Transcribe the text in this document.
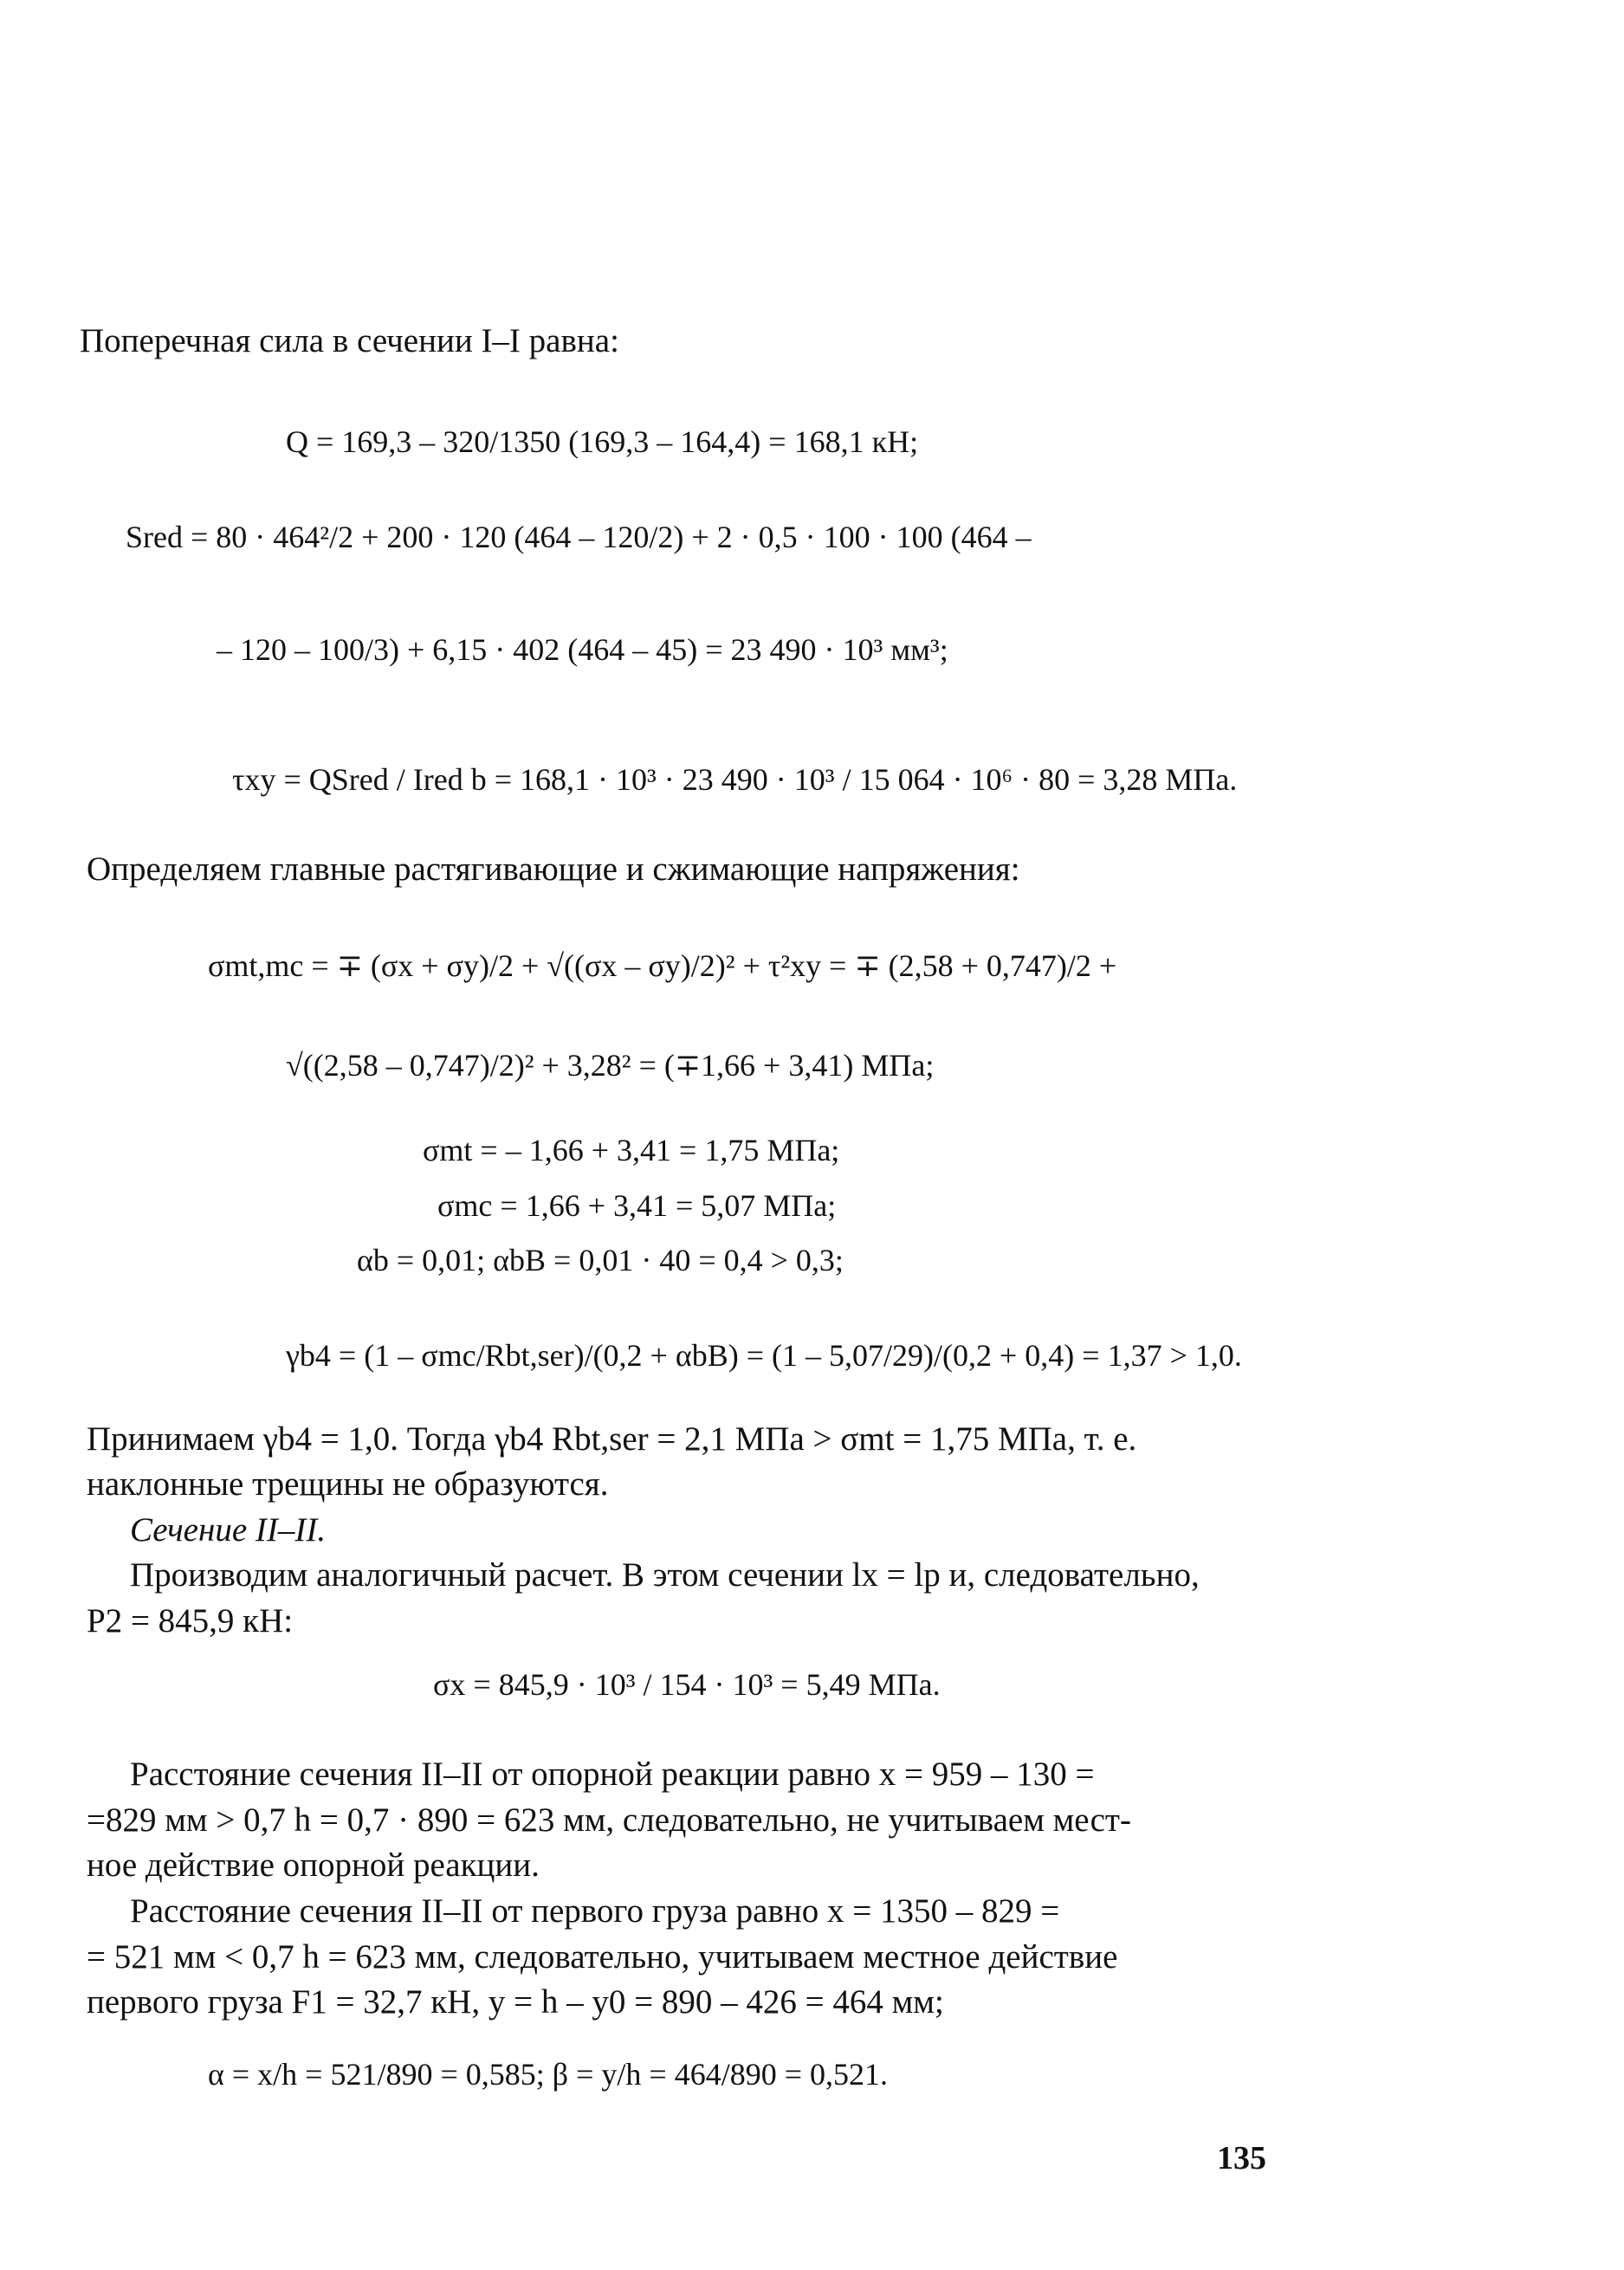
Поперечная сила в сечении I–I равна:
Q = 169,3 – 320/1350 (169,3 – 164,4) = 168,1 кН;
Sred = 80 · 464²/2 + 200 · 120 (464 – 120/2) + 2 · 0,5 · 100 · 100 (464 –
– 120 – 100/3) + 6,15 · 402 (464 – 45) = 23 490 · 10³ мм³;
τxy = QSred / Ired b = 168,1 · 10³ · 23 490 · 10³ / 15 064 · 10⁶ · 80 = 3,28 МПа.
Определяем главные растягивающие и сжимающие напряжения:
σmt,mc = ∓ (σx + σy)/2 + √((σx – σy)/2)² + τ²xy = ∓ (2,58 + 0,747)/2 +
√((2,58 – 0,747)/2)² + 3,28² = (∓1,66 + 3,41) МПа;
σmt = – 1,66 + 3,41 = 1,75 МПа;
σmc = 1,66 + 3,41 = 5,07 МПа;
αb = 0,01; αbB = 0,01 · 40 = 0,4 > 0,3;
γb4 = (1 – σmc/Rbt,ser)/(0,2 + αbB) = (1 – 5,07/29)/(0,2 + 0,4) = 1,37 > 1,0.
Принимаем γb4 = 1,0. Тогда γb4 Rbt,ser = 2,1 МПа > σmt = 1,75 МПа, т. е.
наклонные трещины не образуются.
Сечение II–II.
Производим аналогичный расчет. В этом сечении lx = lp и, следовательно,
P2 = 845,9 кН:
σx = 845,9 · 10³ / 154 · 10³ = 5,49 МПа.
Расстояние сечения II–II от опорной реакции равно x = 959 – 130 =
=829 мм > 0,7 h = 0,7 · 890 = 623 мм, следовательно, не учитываем мест-
ное действие опорной реакции.
Расстояние сечения II–II от первого груза равно x = 1350 – 829 =
= 521 мм < 0,7 h = 623 мм, следовательно, учитываем местное действие
первого груза F1 = 32,7 кН, y = h – y0 = 890 – 426 = 464 мм;
α = x/h = 521/890 = 0,585; β = y/h = 464/890 = 0,521.
135
